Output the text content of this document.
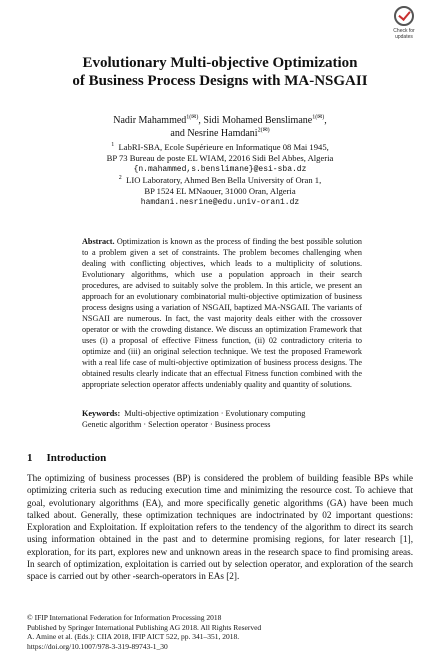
Check for
updates
Evolutionary Multi-objective Optimization
of Business Process Designs with MA-NSGAII
Nadir Mahammed$^{1(✉)}$, Sidi Mohamed Benslimane$^{1(✉)}$,
and Nesrine Hamdani$^{2(✉)}$
$^1$ LabRI-SBA, Ecole Supérieure en Informatique 08 Mai 1945,
BP 73 Bureau de poste EL WIAM, 22016 Sidi Bel Abbes, Algeria
{n.mahammed,s.benslimane}@esi-sba.dz
$^2$ LIO Laboratory, Ahmed Ben Bella University of Oran 1,
BP 1524 EL MNaouer, 31000 Oran, Algeria
hamdani.nesrine@edu.univ-oran1.dz
Abstract. Optimization is known as the process of finding the best possible solution to a problem given a set of constraints. The problem becomes challenging when dealing with conflicting objectives, which leads to a multiplicity of solutions. Evolutionary algorithms, which use a population approach in their search procedures, are advised to suitably solve the problem. In this article, we present an approach for an evolutionary combinatorial multi-objective optimization of business process designs using a variation of NSGAII, baptized MA-NSGAII. The variants of NSGAII are numerous. In fact, the vast majority deals either with the crossover operator or with the crowding distance. We discuss an optimization Framework that uses (i) a proposal of effective Fitness function, (ii) 02 contradictory criteria to optimize and (iii) an original selection technique. We test the proposed Framework with a real life case of multi-objective optimization of business process designs. The obtained results clearly indicate that an effectual Fitness function combined with the appropriate selection operator affects undeniably quality and quantity of solutions.
Keywords: Multi-objective optimization · Evolutionary computing
Genetic algorithm · Selection operator · Business process
1 Introduction
The optimizing of business processes (BP) is considered the problem of building feasible BPs while optimizing criteria such as reducing execution time and minimizing the resource cost. To achieve that goal, evolutionary algorithms (EA), and more specifically genetic algorithms (GA) have been much talked about. Generally, these optimization techniques are indoctrinated by 02 important questions: Exploration and Exploitation. If exploitation refers to the tendency of the algorithm to direct its search using information obtained in the past and to determine promising regions, for later research [1], exploration, for its part, explores new and unknown areas in the research space to find promising areas. In search of optimization, exploitation is carried out by selection operator, and exploration of the search space is carried out by other -search-operators in EAs [2].
© IFIP International Federation for Information Processing 2018
Published by Springer International Publishing AG 2018. All Rights Reserved
A. Amine et al. (Eds.): CIIA 2018, IFIP AICT 522, pp. 341–351, 2018.
https://doi.org/10.1007/978-3-319-89743-1_30
